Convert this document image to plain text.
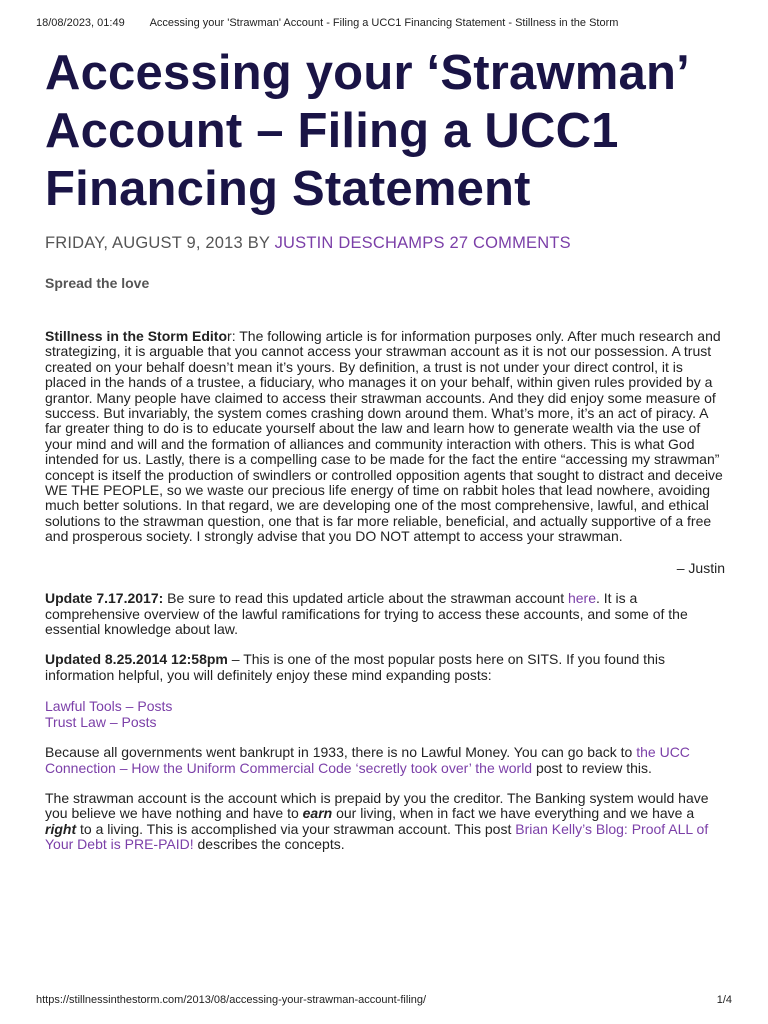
18/08/2023, 01:49	Accessing your 'Strawman' Account - Filing a UCC1 Financing Statement - Stillness in the Storm
Accessing your ‘Strawman’ Account – Filing a UCC1 Financing Statement
FRIDAY, AUGUST 9, 2013 BY JUSTIN DESCHAMPS 27 COMMENTS
Spread the love

Stillness in the Storm Editor: The following article is for information purposes only. After much research and strategizing, it is arguable that you cannot access your strawman account as it is not our possession. A trust created on your behalf doesn’t mean it’s yours. By definition, a trust is not under your direct control, it is placed in the hands of a trustee, a fiduciary, who manages it on your behalf, within given rules provided by a grantor. Many people have claimed to access their strawman accounts. And they did enjoy some measure of success. But invariably, the system comes crashing down around them. What’s more, it’s an act of piracy. A far greater thing to do is to educate yourself about the law and learn how to generate wealth via the use of your mind and will and the formation of alliances and community interaction with others. This is what God intended for us. Lastly, there is a compelling case to be made for the fact the entire “accessing my strawman” concept is itself the production of swindlers or controlled opposition agents that sought to distract and deceive WE THE PEOPLE, so we waste our precious life energy of time on rabbit holes that lead nowhere, avoiding much better solutions. In that regard, we are developing one of the most comprehensive, lawful, and ethical solutions to the strawman question, one that is far more reliable, beneficial, and actually supportive of a free and prosperous society. I strongly advise that you DO NOT attempt to access your strawman.

– Justin

Update 7.17.2017: Be sure to read this updated article about the strawman account here. It is a comprehensive overview of the lawful ramifications for trying to access these accounts, and some of the essential knowledge about law.

Updated 8.25.2014 12:58pm – This is one of the most popular posts here on SITS. If you found this information helpful, you will definitely enjoy these mind expanding posts:

Lawful Tools – Posts
Trust Law – Posts

Because all governments went bankrupt in 1933, there is no Lawful Money. You can go back to the UCC Connection – How the Uniform Commercial Code ‘secretly took over’ the world post to review this.

The strawman account is the account which is prepaid by you the creditor. The Banking system would have you believe we have nothing and have to earn our living, when in fact we have everything and we have a right to a living. This is accomplished via your strawman account. This post Brian Kelly’s Blog: Proof ALL of Your Debt is PRE-PAID! describes the concepts.

https://stillnessinthestorm.com/2013/08/accessing-your-strawman-account-filing/	1/4
